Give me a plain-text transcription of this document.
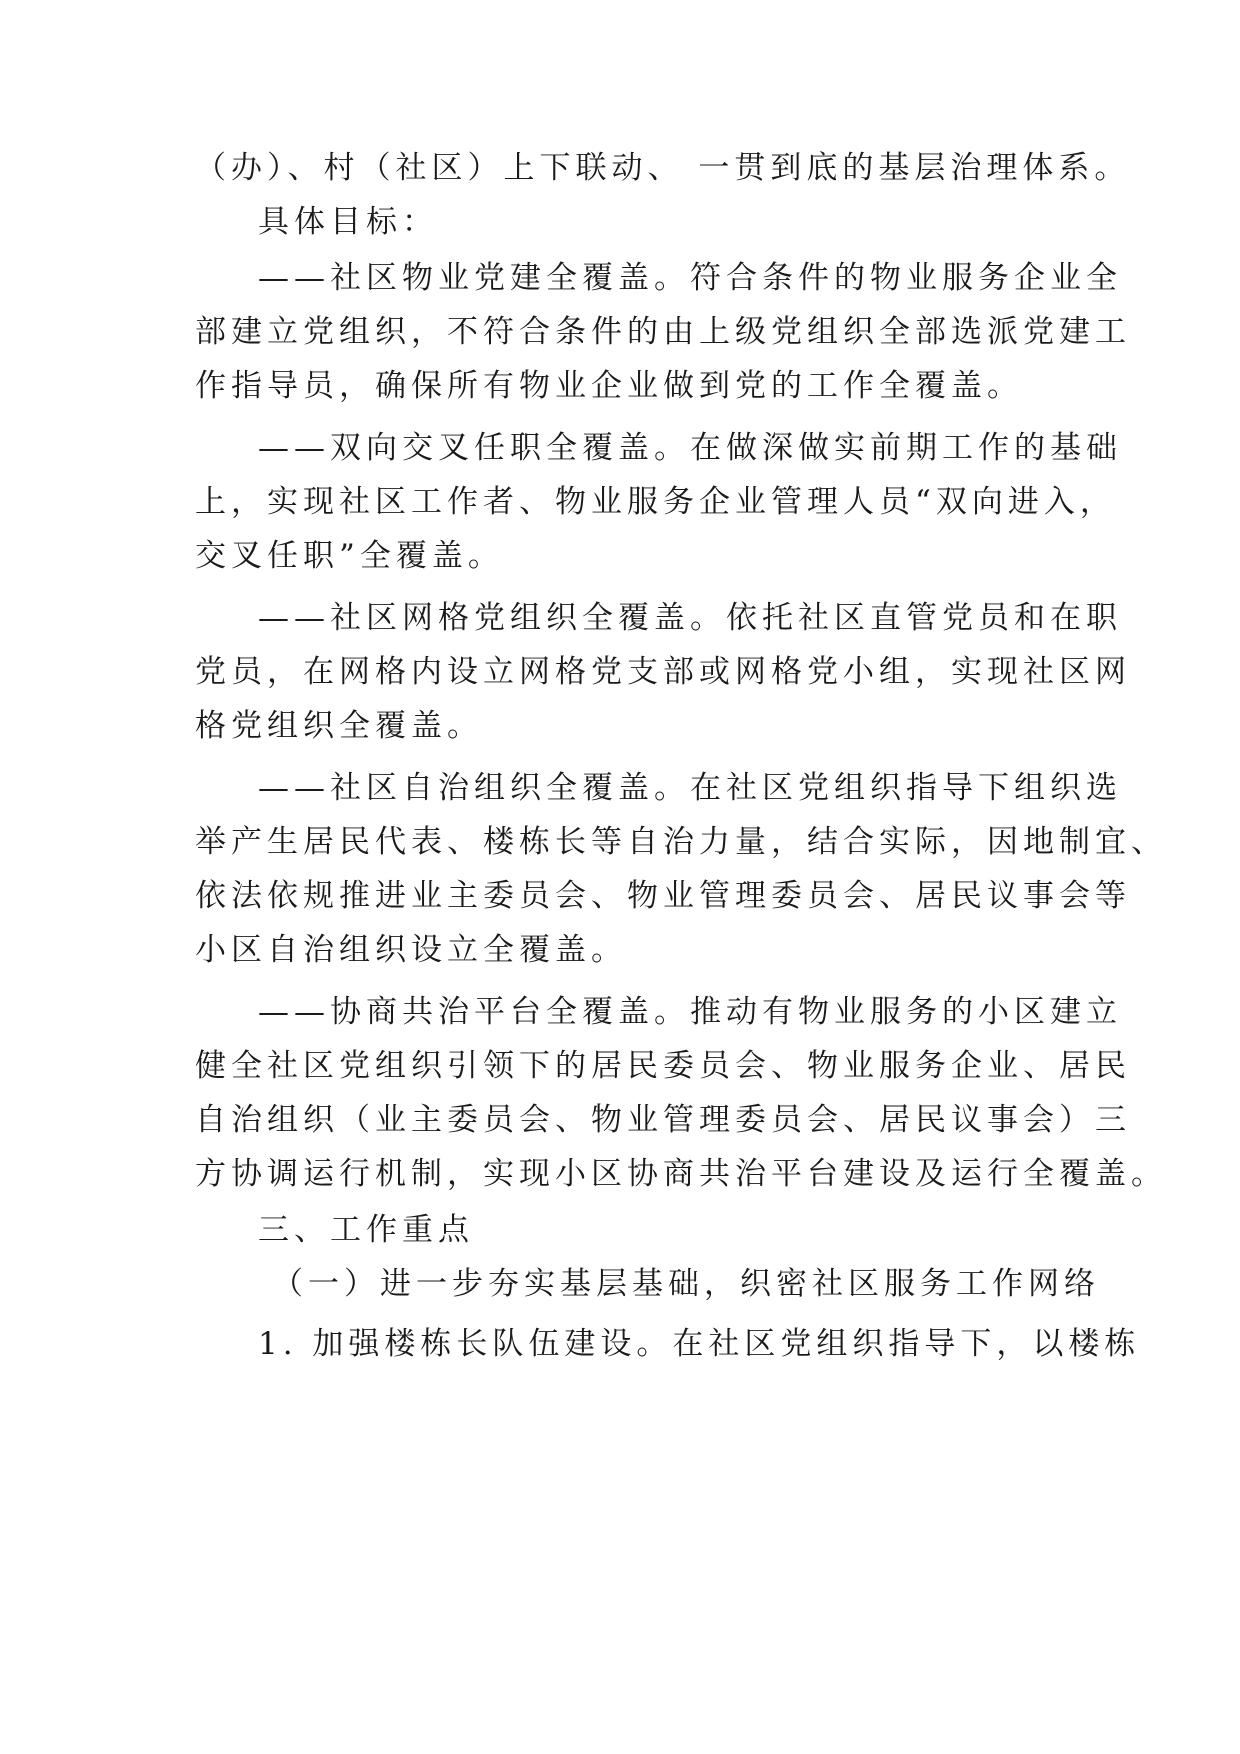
（办）、村（社区）上下联动、 一贯到底的基层治理体系。
具体目标：
——社区物业党建全覆盖。符合条件的物业服务企业全
部建立党组织，不符合条件的由上级党组织全部选派党建工
作指导员，确保所有物业企业做到党的工作全覆盖。
——双向交叉任职全覆盖。在做深做实前期工作的基础
上，实现社区工作者、物业服务企业管理人员“双向进入，
交叉任职”全覆盖。
——社区网格党组织全覆盖。依托社区直管党员和在职
党员，在网格内设立网格党支部或网格党小组，实现社区网
格党组织全覆盖。
——社区自治组织全覆盖。在社区党组织指导下组织选
举产生居民代表、楼栋长等自治力量，结合实际，因地制宜、
依法依规推进业主委员会、物业管理委员会、居民议事会等
小区自治组织设立全覆盖。
——协商共治平台全覆盖。推动有物业服务的小区建立
健全社区党组织引领下的居民委员会、物业服务企业、居民
自治组织（业主委员会、物业管理委员会、居民议事会）三
方协调运行机制，实现小区协商共治平台建设及运行全覆盖。
三、工作重点
（一）进一步夯实基层基础，织密社区服务工作网络
1. 加强楼栋长队伍建设。在社区党组织指导下，以楼栋
